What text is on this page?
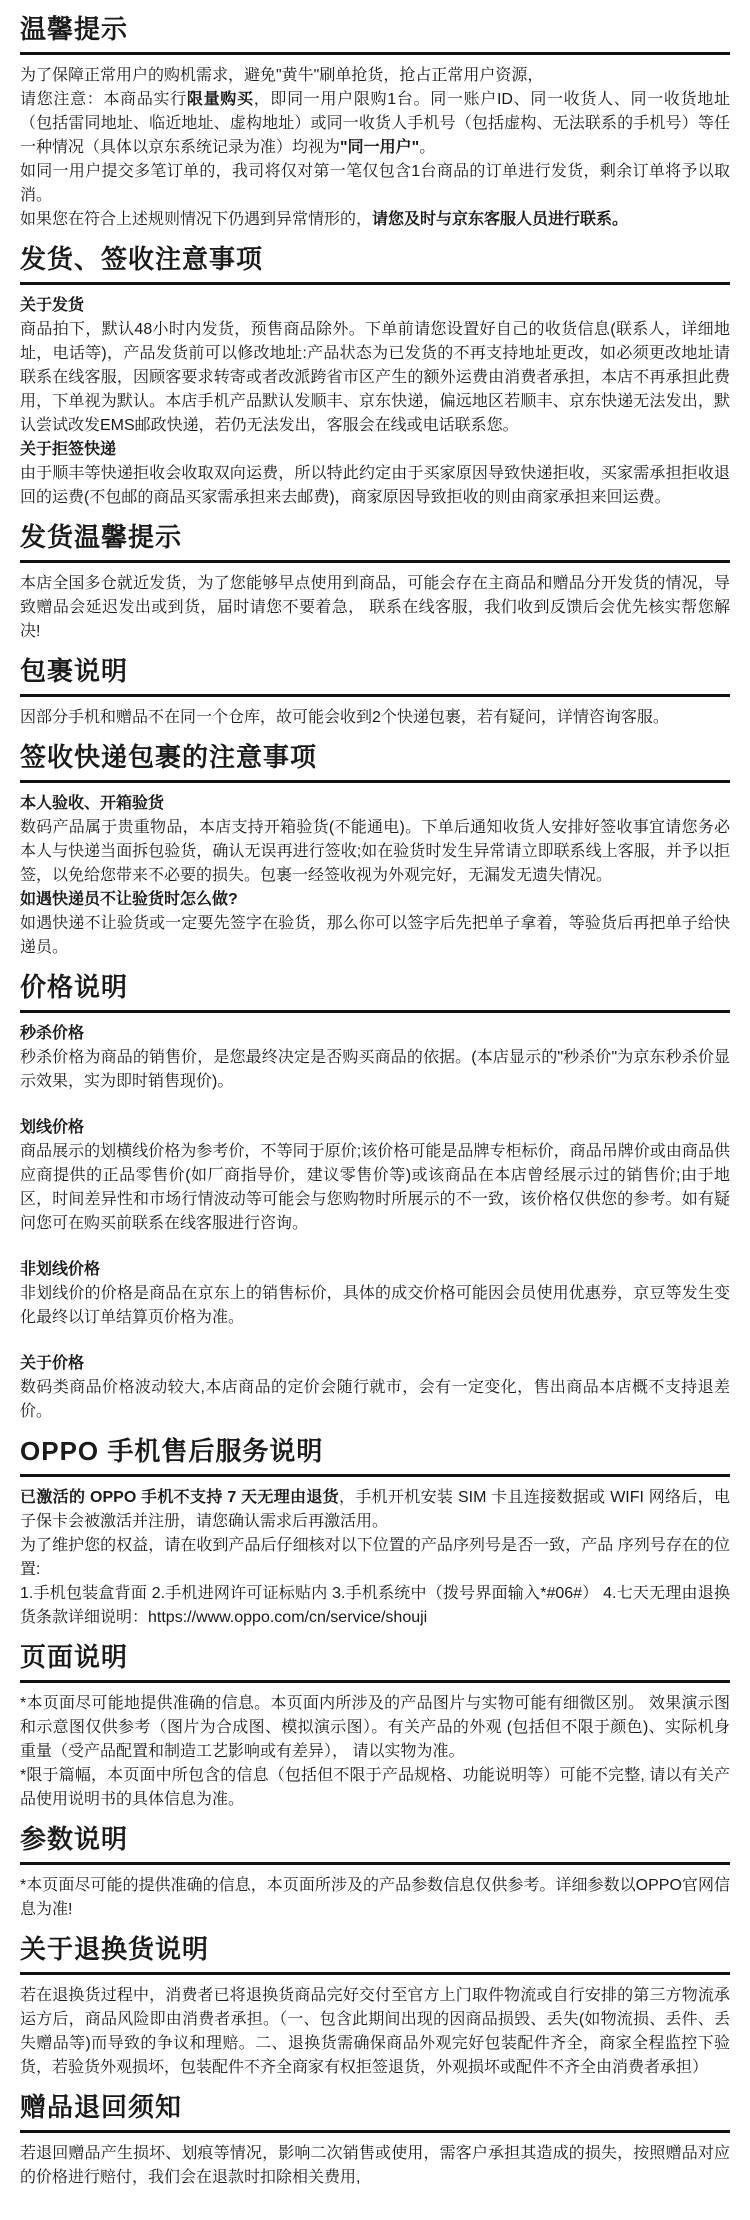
温馨提示

为了保障正常用户的购机需求，避免"黄牛"刷单抢货，抢占正常用户资源，

请您注意：本商品实行限量购买，即同一用户限购1台。同一账户ID、同一收货人、同一收货地址（包括雷同地址、临近地址、虚构地址）或同一收货人手机号（包括虚构、无法联系的手机号）等任一种情况（具体以京东系统记录为准）均视为"同一用户"。

如同一用户提交多笔订单的，我司将仅对第一笔仅包含1台商品的订单进行发货，剩余订单将予以取消。

如果您在符合上述规则情况下仍遇到异常情形的，请您及时与京东客服人员进行联系。

发货、签收注意事项

关于发货

商品拍下，默认48小时内发货，预售商品除外。下单前请您设置好自己的收货信息(联系人，详细地址，电话等)，产品发货前可以修改地址:产品状态为已发货的不再支持地址更改，如必须更改地址请联系在线客服，因顾客要求转寄或者改派跨省市区产生的额外运费由消费者承担，本店不再承担此费用，下单视为默认。本店手机产品默认发顺丰、京东快递，偏远地区若顺丰、京东快递无法发出，默认尝试改发EMS邮政快递，若仍无法发出，客服会在线或电话联系您。

关于拒签快递

由于顺丰等快递拒收会收取双向运费，所以特此约定由于买家原因导致快递拒收，买家需承担拒收退回的运费(不包邮的商品买家需承担来去邮费)，商家原因导致拒收的则由商家承担来回运费。

发货温馨提示

本店全国多仓就近发货，为了您能够早点使用到商品，可能会存在主商品和赠品分开发货的情况，导致赠品会延迟发出或到货，届时请您不要着急， 联系在线客服，我们收到反馈后会优先核实帮您解决!

包裹说明

因部分手机和赠品不在同一个仓库，故可能会收到2个快递包裹，若有疑问，详情咨询客服。

签收快递包裹的注意事项

本人验收、开箱验货

数码产品属于贵重物品，本店支持开箱验货(不能通电)。下单后通知收货人安排好签收事宜请您务必本人与快递当面拆包验货，确认无误再进行签收;如在验货时发生异常请立即联系线上客服，并予以拒签，以免给您带来不必要的损失。包裹一经签收视为外观完好，无漏发无遗失情况。

如遇快递员不让验货时怎么做?

如遇快递不让验货或一定要先签字在验货，那么你可以签字后先把单子拿着，等验货后再把单子给快递员。

价格说明

秒杀价格

秒杀价格为商品的销售价，是您最终决定是否购买商品的依据。(本店显示的"秒杀价"为京东秒杀价显示效果，实为即时销售现价)。

划线价格

商品展示的划横线价格为参考价，不等同于原价;该价格可能是品牌专柜标价，商品吊牌价或由商品供应商提供的正品零售价(如厂商指导价，建议零售价等)或该商品在本店曾经展示过的销售价;由于地区，时间差异性和市场行情波动等可能会与您购物时所展示的不一致，该价格仅供您的参考。如有疑问您可在购买前联系在线客服进行咨询。

非划线价格

非划线价的价格是商品在京东上的销售标价，具体的成交价格可能因会员使用优惠券，京豆等发生变化最终以订单结算页价格为准。

关于价格

数码类商品价格波动较大,本店商品的定价会随行就市，会有一定变化，售出商品本店概不支持退差价。

OPPO 手机售后服务说明

已激活的 OPPO 手机不支持 7 天无理由退货，手机开机安装 SIM 卡且连接数据或 WIFI 网络后，电子保卡会被激活并注册，请您确认需求后再激活用。

为了维护您的权益，请在收到产品后仔细核对以下位置的产品序列号是否一致，产品 序列号存在的位置:

1.手机包装盒背面 2.手机进网许可证标贴内 3.手机系统中（拨号界面输入*#06#） 4.七天无理由退换货条款详细说明：https://www.oppo.com/cn/service/shouji

页面说明

*本页面尽可能地提供准确的信息。本页面内所涉及的产品图片与实物可能有细微区别。 效果演示图和示意图仅供参考（图片为合成图、模拟演示图）。有关产品的外观 (包括但不限于颜色)、实际机身重量（受产品配置和制造工艺影响或有差异）， 请以实物为准。

*限于篇幅，本页面中所包含的信息（包括但不限于产品规格、功能说明等）可能不完整, 请以有关产品使用说明书的具体信息为准。

参数说明

*本页面尽可能的提供准确的信息，本页面所涉及的产品参数信息仅供参考。详细参数以OPPO官网信息为准!

关于退换货说明

若在退换货过程中，消费者已将退换货商品完好交付至官方上门取件物流或自行安排的第三方物流承运方后，商品风险即由消费者承担。（一、包含此期间出现的因商品损毁、丢失(如物流损、丢件、丢失赠品等)而导致的争议和理赔。二、退换货需确保商品外观完好包装配件齐全，商家全程监控下验货，若验货外观损坏，包装配件不齐全商家有权拒签退货，外观损坏或配件不齐全由消费者承担）

赠品退回须知

若退回赠品产生损坏、划痕等情况，影响二次销售或使用，需客户承担其造成的损失，按照赠品对应的价格进行赔付，我们会在退款时扣除相关费用,
